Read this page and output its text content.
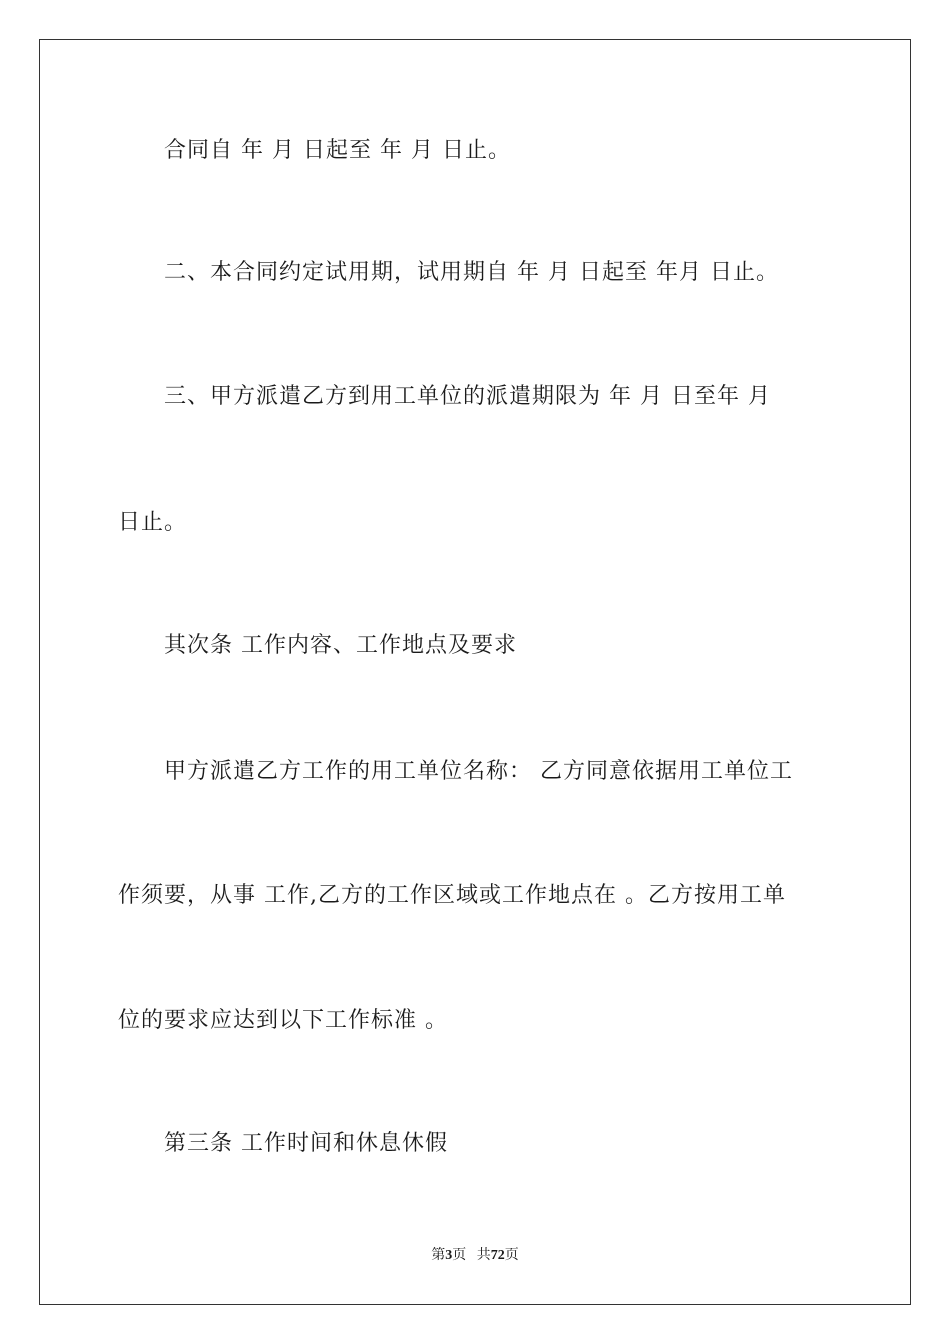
合同自 年 月 日起至 年 月 日止。
二、本合同约定试用期，试用期自 年 月 日起至 年月 日止。
三、甲方派遣乙方到用工单位的派遣期限为 年 月 日至年 月
日止。
其次条 工作内容、工作地点及要求
甲方派遣乙方工作的用工单位名称： 乙方同意依据用工单位工
作须要，从事 工作,乙方的工作区域或工作地点在 。乙方按用工单
位的要求应达到以下工作标准 。
第三条 工作时间和休息休假
第3页 共72页
